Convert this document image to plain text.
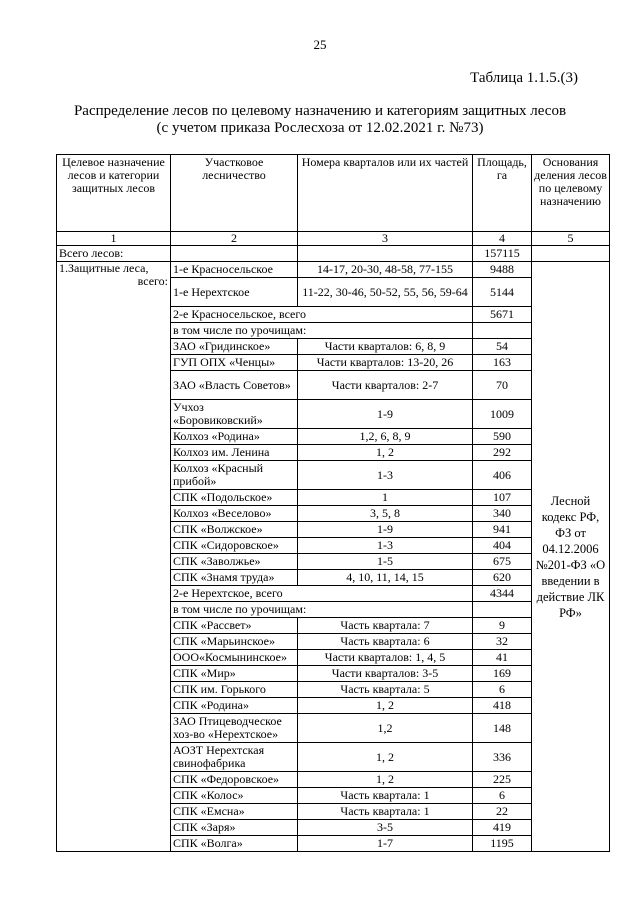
25
Таблица 1.1.5.(3)
Распределение лесов по целевому назначению и категориям защитных лесов
(с учетом приказа Рослесхоза от 12.02.2021 г. №73)
Целевое назначение лесов и категории защитных лесов	Участковое лесничество	Номера кварталов или их частей	Площадь, га	Основания деления лесов по целевому назначению
1	2	3	4	5
Всего лесов:			157115	

1.Защитные леса,
всего:	1-е Красносельское	14-17, 20-30, 48-58, 77-155	9488	Лесной кодекс РФ, ФЗ от 04.12.2006 №201-ФЗ «О введении в действие ЛК РФ»
	1-е Нерехтское	11-22, 30-46, 50-52, 55, 56, 59-64	5144	
	2-е Красносельское, всего		5671	
	в том числе по урочищам:			
	ЗАО «Гридинское»	Части кварталов: 6, 8, 9	54	
	ГУП ОПХ «Ченцы»	Части кварталов: 13-20, 26	163	
	ЗАО «Власть Советов»	Части кварталов: 2-7	70	
	Учхоз «Боровиковский»	1-9	1009	
	Колхоз «Родина»	1,2, 6, 8, 9	590	
	Колхоз им. Ленина	1, 2	292	
	Колхоз «Красный прибой»	1-3	406	
	СПК «Подольское»	1	107	
	Колхоз «Веселово»	3, 5, 8	340	
	СПК «Волжское»	1-9	941	
	СПК «Сидоровское»	1-3	404	
	СПК «Заволжье»	1-5	675	
	СПК «Знамя труда»	4, 10, 11, 14, 15	620	
	2-е Нерехтское, всего		4344	
	в том числе по урочищам:			
	СПК «Рассвет»	Часть квартала: 7	9	
	СПК «Марьинское»	Часть квартала: 6	32	
	ООО«Космынинское»	Части кварталов: 1, 4, 5	41	
	СПК «Мир»	Части кварталов: 3-5	169	
	СПК им. Горького	Часть квартала: 5	6	
	СПК «Родина»	1, 2	418	
	ЗАО Птицеводческое хоз-во «Нерехтское»	1,2	148	
	АОЗТ Нерехтская свинофабрика	1, 2	336	
	СПК «Федоровское»	1, 2	225	
	СПК «Колос»	Часть квартала: 1	6	
	СПК «Емсна»	Часть квартала: 1	22	
	СПК «Заря»	3-5	419	
	СПК «Волга»	1-7	1195	
